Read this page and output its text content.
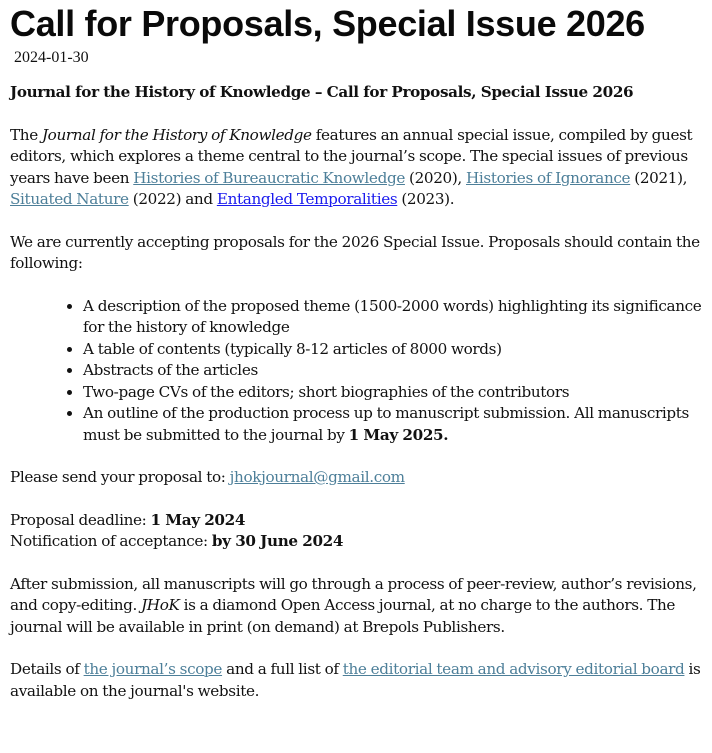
Call for Proposals, Special Issue 2026
2024-01-30

Journal for the History of Knowledge – Call for Proposals, Special Issue 2026

The Journal for the History of Knowledge features an annual special issue, compiled by guest editors, which explores a theme central to the journal’s scope. The special issues of previous years have been Histories of Bureaucratic Knowledge (2020), Histories of Ignorance (2021), Situated Nature (2022) and Entangled Temporalities (2023).

We are currently accepting proposals for the 2026 Special Issue. Proposals should contain the following:

• A description of the proposed theme (1500-2000 words) highlighting its significance for the history of knowledge
• A table of contents (typically 8-12 articles of 8000 words)
• Abstracts of the articles
• Two-page CVs of the editors; short biographies of the contributors
• An outline of the production process up to manuscript submission. All manuscripts must be submitted to the journal by 1 May 2025.

Please send your proposal to: jhokjournal@gmail.com

Proposal deadline: 1 May 2024

Notification of acceptance: by 30 June 2024

After submission, all manuscripts will go through a process of peer-review, author’s revisions, and copy-editing. JHoK is a diamond Open Access journal, at no charge to the authors. The journal will be available in print (on demand) at Brepols Publishers.

Details of the journal’s scope and a full list of the editorial team and advisory editorial board is available on the journal's website.
